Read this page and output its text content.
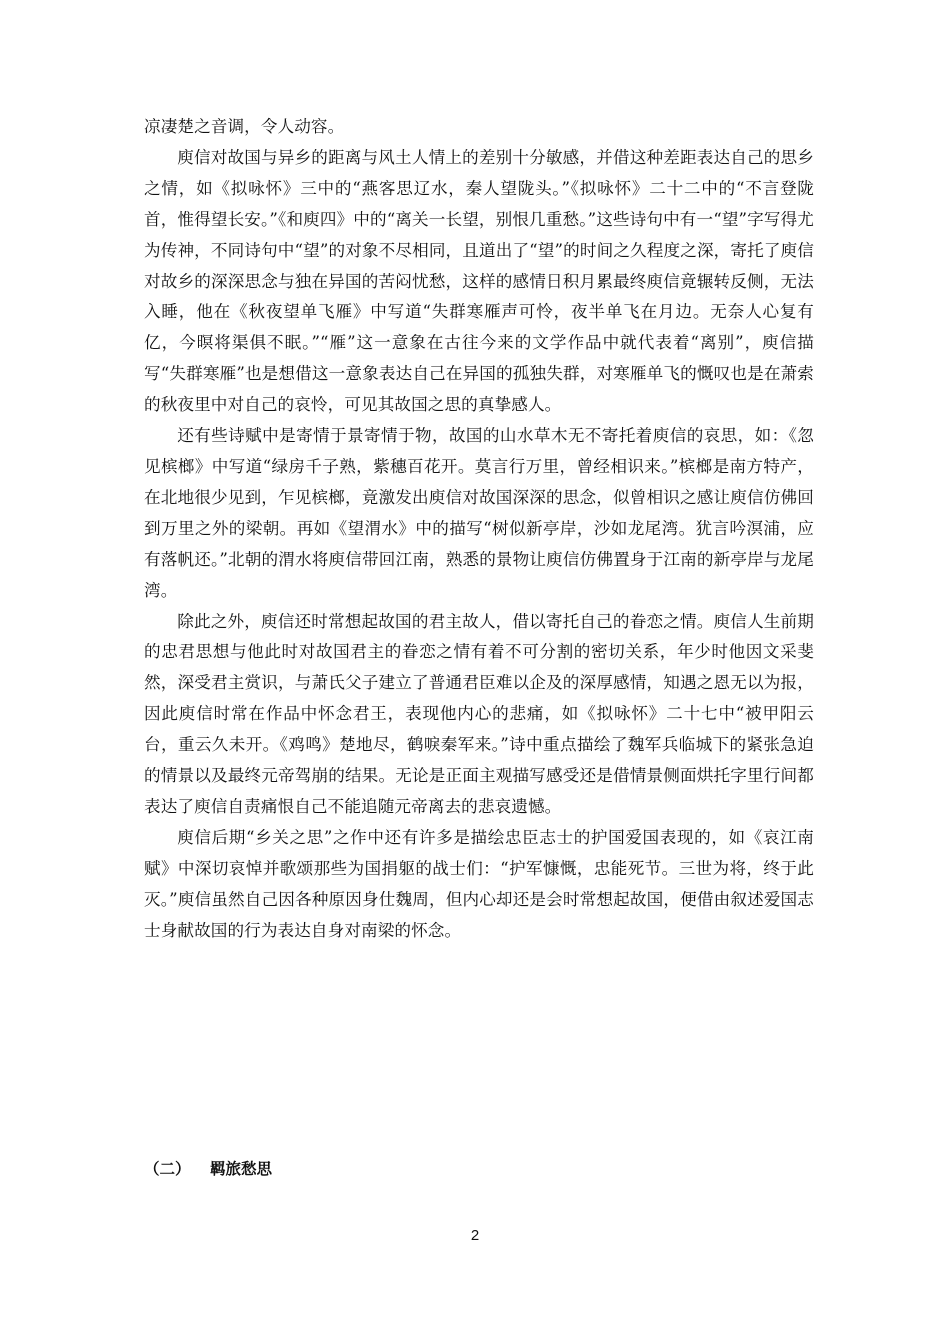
凉凄楚之音调，令人动容。

庾信对故国与异乡的距离与风土人情上的差别十分敏感，并借这种差距表达自己的思乡之情，如《拟咏怀》三中的“燕客思辽水，秦人望陇头。”《拟咏怀》二十二中的“不言登陇首，惟得望长安。”《和庾四》中的“离关一长望，别恨几重愁。”这些诗句中有一“望”字写得尤为传神，不同诗句中“望”的对象不尽相同，且道出了“望”的时间之久程度之深，寄托了庾信对故乡的深深思念与独在异国的苦闷忧愁，这样的感情日积月累最终庾信竟辗转反侧，无法入睡，他在《秋夜望单飞雁》中写道“失群寒雁声可怜，夜半单飞在月边。无奈人心复有亿，今暝将渠俱不眠。”“雁”这一意象在古往今来的文学作品中就代表着“离别”，庾信描写“失群寒雁”也是想借这一意象表达自己在异国的孤独失群，对寒雁单飞的慨叹也是在萧索的秋夜里中对自己的哀怜，可见其故国之思的真挚感人。

还有些诗赋中是寄情于景寄情于物，故国的山水草木无不寄托着庾信的哀思，如：《忽见槟榔》中写道“绿房千子熟，紫穗百花开。莫言行万里，曾经相识来。”槟榔是南方特产，在北地很少见到，乍见槟榔，竟激发出庾信对故国深深的思念，似曾相识之感让庾信仿佛回到万里之外的梁朝。再如《望渭水》中的描写“树似新亭岸，沙如龙尾湾。犹言吟溟浦，应有落帆还。”北朝的渭水将庾信带回江南，熟悉的景物让庾信仿佛置身于江南的新亭岸与龙尾湾。

除此之外，庾信还时常想起故国的君主故人，借以寄托自己的眷恋之情。庾信人生前期的忠君思想与他此时对故国君主的眷恋之情有着不可分割的密切关系，年少时他因文采斐然，深受君主赏识，与萧氏父子建立了普通君臣难以企及的深厚感情，知遇之恩无以为报，因此庾信时常在作品中怀念君王，表现他内心的悲痛，如《拟咏怀》二十七中“被甲阳云台，重云久未开。《鸡鸣》楚地尽，鹤唳秦军来。”诗中重点描绘了魏军兵临城下的紧张急迫的情景以及最终元帝驾崩的结果。无论是正面主观描写感受还是借情景侧面烘托字里行间都表达了庾信自责痛恨自己不能追随元帝离去的悲哀遗憾。

庾信后期“乡关之思”之作中还有许多是描绘忠臣志士的护国爱国表现的，如《哀江南赋》中深切哀悼并歌颂那些为国捐躯的战士们：“护军慷慨，忠能死节。三世为将，终于此灭。”庾信虽然自己因各种原因身仕魏周，但内心却还是会时常想起故国，便借由叙述爱国志士身献故国的行为表达自身对南梁的怀念。

（二） 羁旅愁思
2
